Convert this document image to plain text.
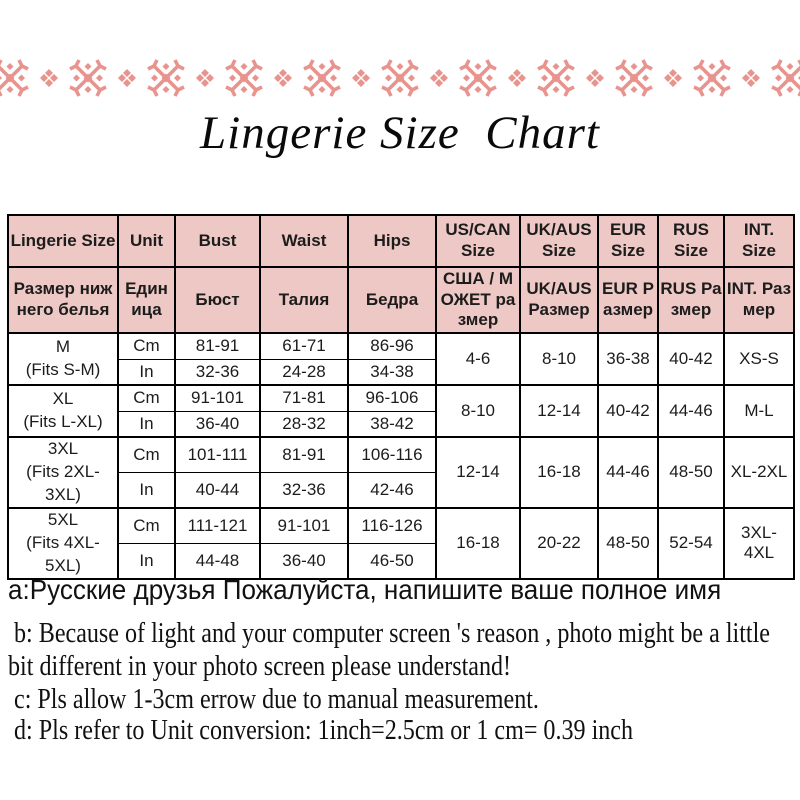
Lingerie Size  Chart
Lingerie Size	Unit	Bust	Waist	Hips	US/CAN Size	UK/AUS Size	EUR Size	RUS Size	INT. Size
Размер нижнего белья	Единица	Бюст	Талия	Бедра	США / МОЖЕТ размер	UK/AUSРазмер	EUR Размер	RUS Размер	INT. Размер

M
(Fits S-M)	Cm	81-91	61-71	86-96	4-6	8-10	36-38	40-42	XS-S
	In	32-36	24-28	34-38					

XL
(Fits L-XL)	Cm	91-101	71-81	96-106	8-10	12-14	40-42	44-46	M-L
	In	36-40	28-32	38-42					

3XL
(Fits 2XL-3XL)	Cm	101-111	81-91	106-116	12-14	16-18	44-46	48-50	XL-2XL
	In	40-44	32-36	42-46					

5XL
(Fits 4XL-5XL)	Cm	111-121	91-101	116-126	16-18	20-22	48-50	52-54	3XL-4XL
	In	44-48	36-40	46-50					
а:Русские друзья Пожалуйста, напишите ваше полное имя
b: Because of light and your computer screen 's reason , photo might be a little
bit different in your photo screen please understand!
c: Pls allow 1-3cm errow due to manual measurement.
d: Pls refer to Unit conversion: 1inch=2.5cm or 1 cm= 0.39 inch
